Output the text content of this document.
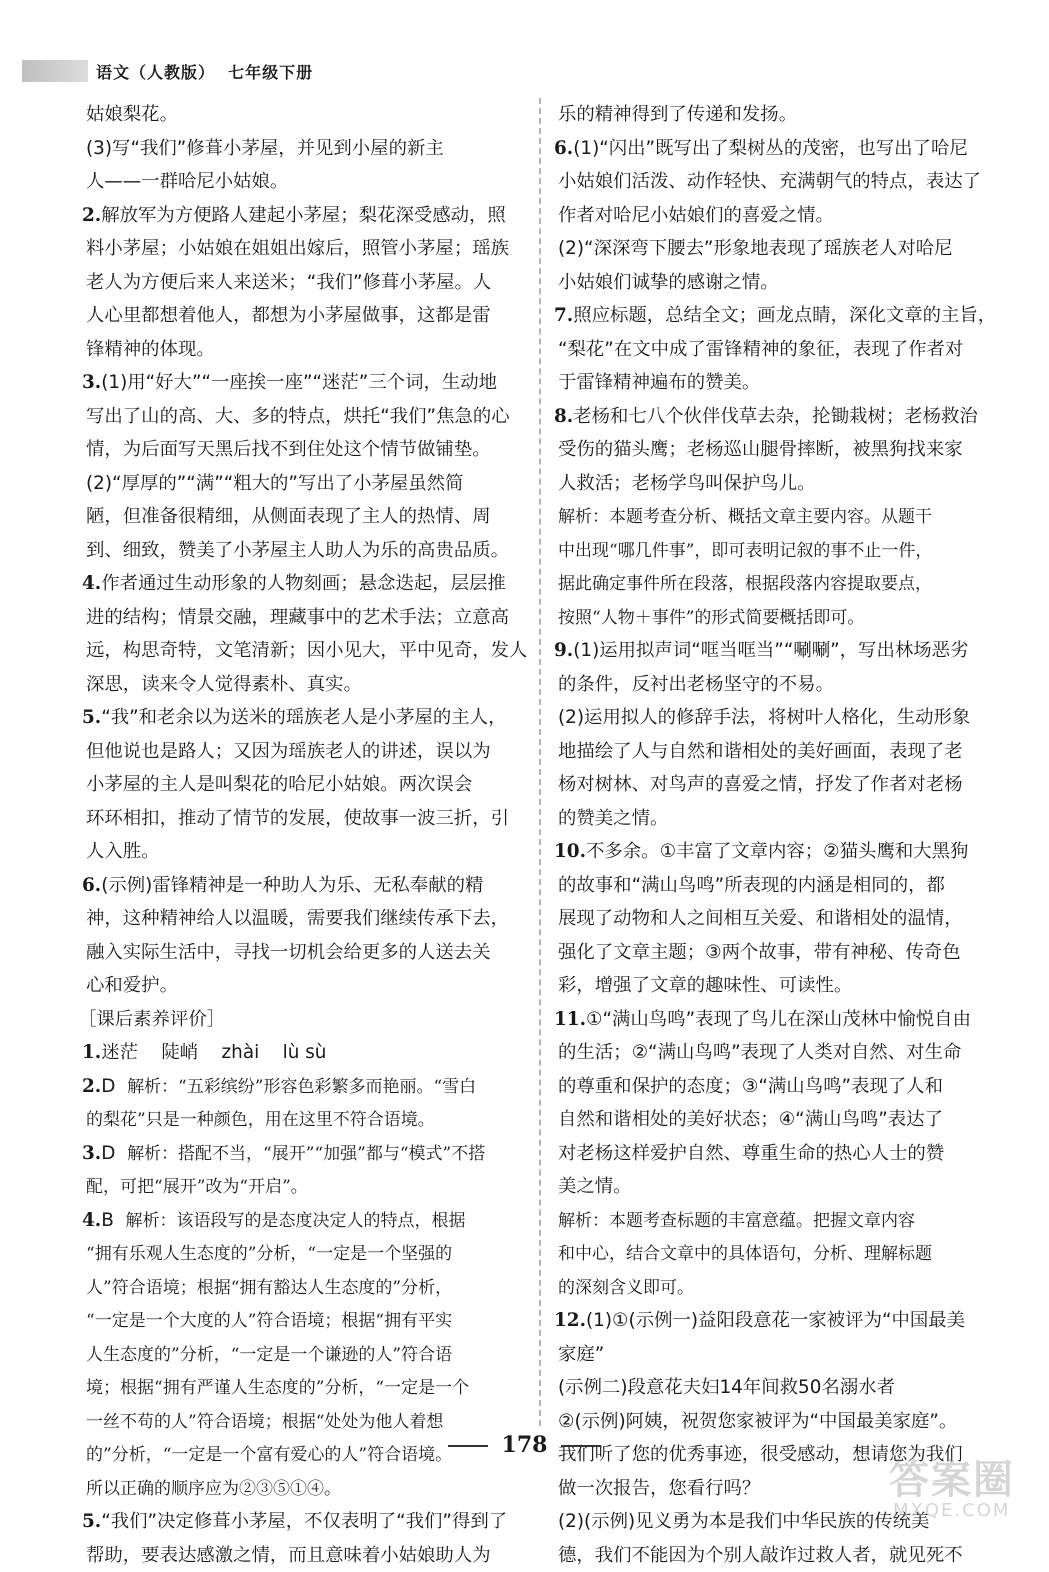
语文（人教版）  七年级下册
姑娘梨花。
(3)写“我们”修葺小茅屋，并见到小屋的新主
人——一群哈尼小姑娘。
2.解放军为方便路人建起小茅屋；梨花深受感动，照
料小茅屋；小姑娘在姐姐出嫁后，照管小茅屋；瑶族
老人为方便后来人来送米；“我们”修葺小茅屋。人
人心里都想着他人，都想为小茅屋做事，这都是雷
锋精神的体现。
3.(1)用“好大”“一座挨一座”“迷茫”三个词，生动地
写出了山的高、大、多的特点，烘托“我们”焦急的心
情，为后面写天黑后找不到住处这个情节做铺垫。
(2)“厚厚的”“满”“粗大的”写出了小茅屋虽然简
陋，但准备很精细，从侧面表现了主人的热情、周
到、细致，赞美了小茅屋主人助人为乐的高贵品质。
4.作者通过生动形象的人物刻画；悬念迭起，层层推
进的结构；情景交融，理藏事中的艺术手法；立意高
远，构思奇特，文笔清新；因小见大，平中见奇，发人
深思，读来令人觉得素朴、真实。
5.“我”和老余以为送米的瑶族老人是小茅屋的主人，
但他说也是路人；又因为瑶族老人的讲述，误以为
小茅屋的主人是叫梨花的哈尼小姑娘。两次误会
环环相扣，推动了情节的发展，使故事一波三折，引
人入胜。
6.(示例)雷锋精神是一种助人为乐、无私奉献的精
神，这种精神给人以温暖，需要我们继续传承下去，
融入实际生活中，寻找一切机会给更多的人送去关
心和爱护。
［课后素养评价］
1.迷茫    陡峭    zhài    lù sù
2.D  解析：“五彩缤纷”形容色彩繁多而艳丽。“雪白
的梨花”只是一种颜色，用在这里不符合语境。
3.D  解析：搭配不当，“展开”“加强”都与“模式”不搭
配，可把“展开”改为“开启”。
4.B  解析：该语段写的是态度决定人的特点，根据
“拥有乐观人生态度的”分析，“一定是一个坚强的
人”符合语境；根据“拥有豁达人生态度的”分析，
“一定是一个大度的人”符合语境；根据“拥有平实
人生态度的”分析，“一定是一个谦逊的人”符合语
境；根据“拥有严谨人生态度的”分析，“一定是一个
一丝不苟的人”符合语境；根据“处处为他人着想
的”分析，“一定是一个富有爱心的人”符合语境。
所以正确的顺序应为②③⑤①④。
5.“我们”决定修葺小茅屋，不仅表明了“我们”得到了
帮助，要表达感激之情，而且意味着小姑娘助人为
乐的精神得到了传递和发扬。
6.(1)“闪出”既写出了梨树丛的茂密，也写出了哈尼
小姑娘们活泼、动作轻快、充满朝气的特点，表达了
作者对哈尼小姑娘们的喜爱之情。
(2)“深深弯下腰去”形象地表现了瑶族老人对哈尼
小姑娘们诚挚的感谢之情。
7.照应标题，总结全文；画龙点睛，深化文章的主旨，
“梨花”在文中成了雷锋精神的象征，表现了作者对
于雷锋精神遍布的赞美。
8.老杨和七八个伙伴伐草去杂，抡锄栽树；老杨救治
受伤的猫头鹰；老杨巡山腿骨摔断，被黑狗找来家
人救活；老杨学鸟叫保护鸟儿。
解析：本题考查分析、概括文章主要内容。从题干
中出现“哪几件事”，即可表明记叙的事不止一件，
据此确定事件所在段落，根据段落内容提取要点，
按照“人物＋事件”的形式简要概括即可。
9.(1)运用拟声词“哐当哐当”“唰唰”，写出林场恶劣
的条件，反衬出老杨坚守的不易。
(2)运用拟人的修辞手法，将树叶人格化，生动形象
地描绘了人与自然和谐相处的美好画面，表现了老
杨对树林、对鸟声的喜爱之情，抒发了作者对老杨
的赞美之情。
10.不多余。①丰富了文章内容；②猫头鹰和大黑狗
的故事和“满山鸟鸣”所表现的内涵是相同的，都
展现了动物和人之间相互关爱、和谐相处的温情，
强化了文章主题；③两个故事，带有神秘、传奇色
彩，增强了文章的趣味性、可读性。
11.①“满山鸟鸣”表现了鸟儿在深山茂林中愉悦自由
的生活；②“满山鸟鸣”表现了人类对自然、对生命
的尊重和保护的态度；③“满山鸟鸣”表现了人和
自然和谐相处的美好状态；④“满山鸟鸣”表达了
对老杨这样爱护自然、尊重生命的热心人士的赞
美之情。
解析：本题考查标题的丰富意蕴。把握文章内容
和中心，结合文章中的具体语句，分析、理解标题
的深刻含义即可。
12.(1)①(示例一)益阳段意花一家被评为“中国最美
家庭”
(示例二)段意花夫妇14年间救50名溺水者
②(示例)阿姨，祝贺您家被评为“中国最美家庭”。
我们听了您的优秀事迹，很受感动，想请您为我们
做一次报告，您看行吗？
(2)(示例)见义勇为本是我们中华民族的传统美
德，我们不能因为个别人敲诈过救人者，就见死不
178
答案圈
MXQE.COM
